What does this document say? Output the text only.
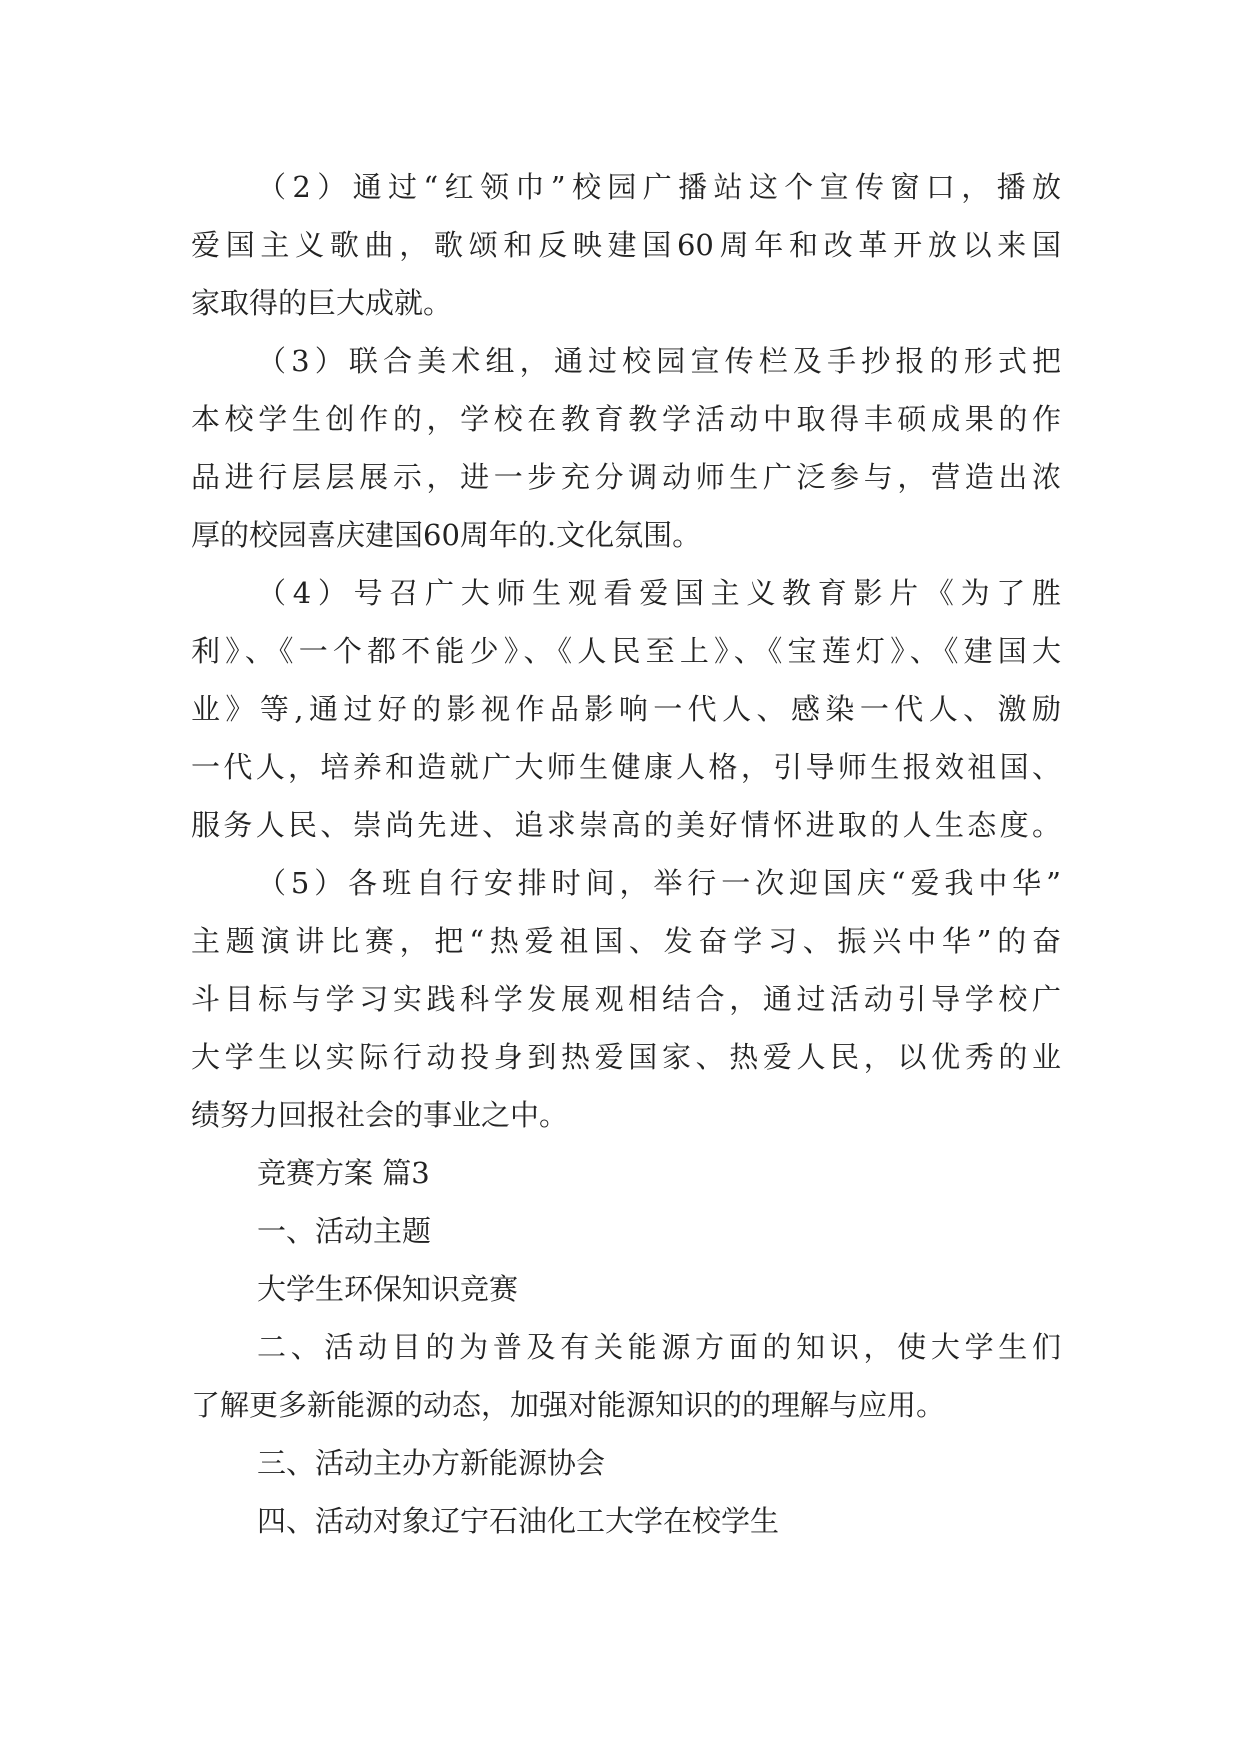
（2）通过“红领巾”校园广播站这个宣传窗口，播放
爱国主义歌曲，歌颂和反映建国60周年和改革开放以来国
家取得的巨大成就。
（3）联合美术组，通过校园宣传栏及手抄报的形式把
本校学生创作的，学校在教育教学活动中取得丰硕成果的作
品进行层层展示，进一步充分调动师生广泛参与，营造出浓
厚的校园喜庆建国60周年的.文化氛围。
（4）号召广大师生观看爱国主义教育影片《为了胜
利》、《一个都不能少》、《人民至上》、《宝莲灯》、《建国大
业》等,通过好的影视作品影响一代人、感染一代人、激励
一代人，培养和造就广大师生健康人格，引导师生报效祖国、
服务人民、崇尚先进、追求崇高的美好情怀进取的人生态度。
（5）各班自行安排时间，举行一次迎国庆“爱我中华”
主题演讲比赛，把“热爱祖国、发奋学习、振兴中华”的奋
斗目标与学习实践科学发展观相结合，通过活动引导学校广
大学生以实际行动投身到热爱国家、热爱人民，以优秀的业
绩努力回报社会的事业之中。
竞赛方案 篇3
一、活动主题
大学生环保知识竞赛
二、活动目的为普及有关能源方面的知识，使大学生们
了解更多新能源的动态，加强对能源知识的的理解与应用。
三、活动主办方新能源协会
四、活动对象辽宁石油化工大学在校学生
